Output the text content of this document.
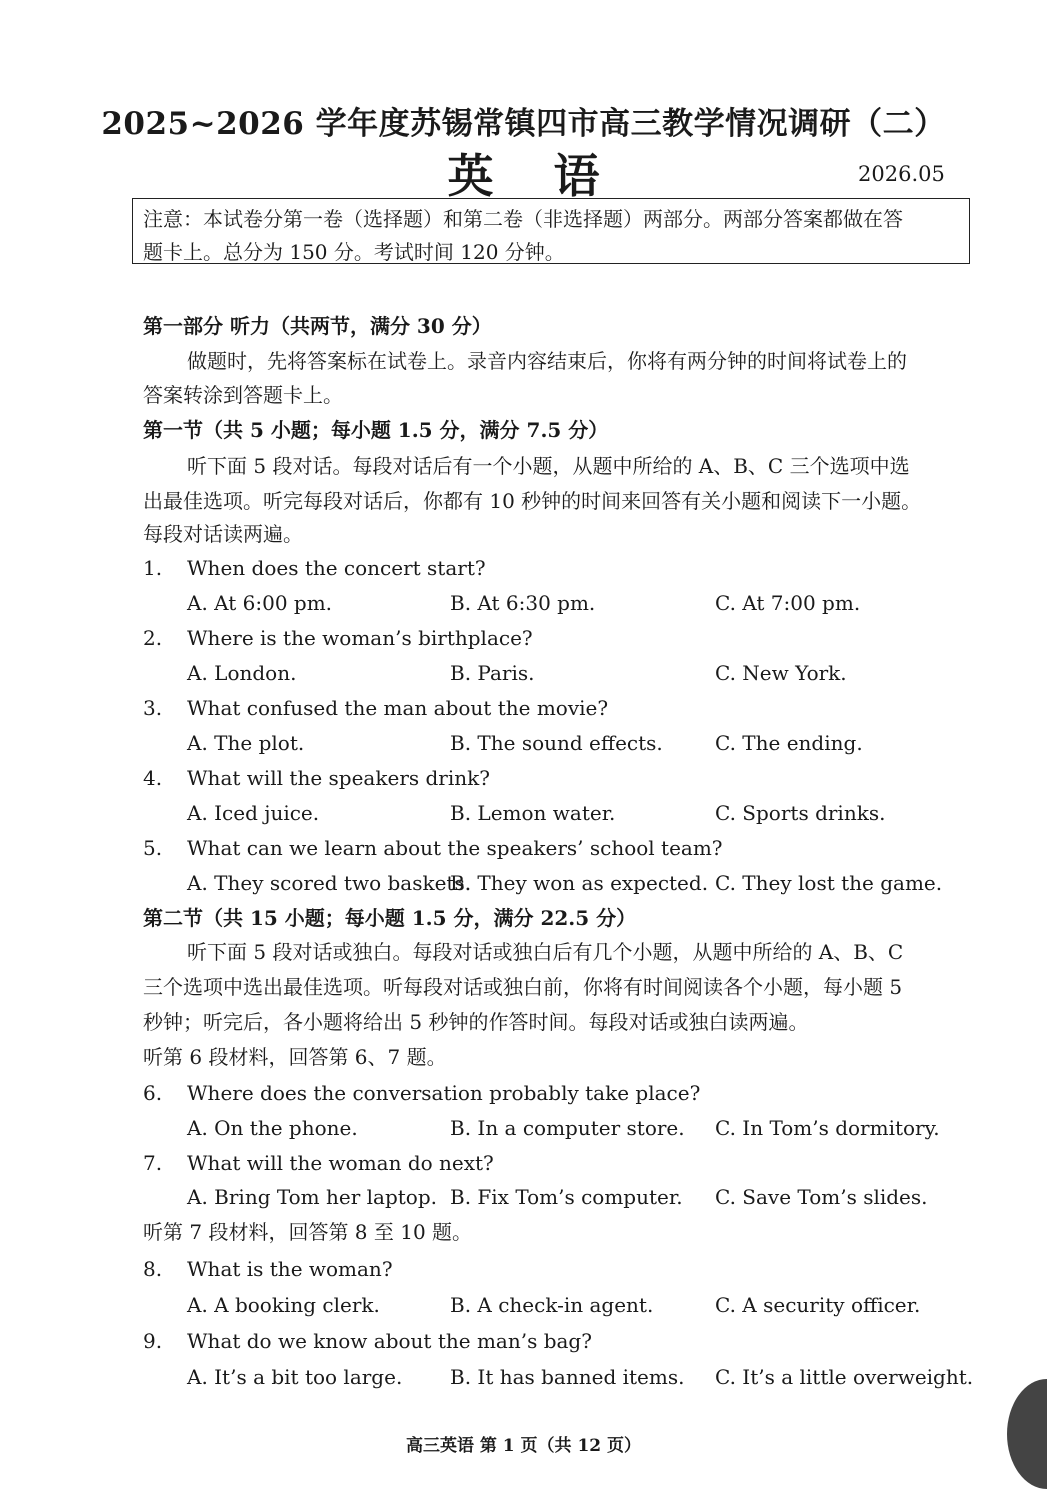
2025~2026 学年度苏锡常镇四市高三教学情况调研（二）
英语	2026.05

注意：本试卷分第一卷（选择题）和第二卷（非选择题）两部分。两部分答案都做在答

题卡上。总分为 150 分。考试时间 120 分钟。

第一部分 听力（共两节，满分 30 分）
做题时，先将答案标在试卷上。录音内容结束后，你将有两分钟的时间将试卷上的
答案转涂到答题卡上。
第一节（共 5 小题；每小题 1.5 分，满分 7.5 分）
听下面 5 段对话。每段对话后有一个小题，从题中所给的 A、B、C 三个选项中选
出最佳选项。听完每段对话后，你都有 10 秒钟的时间来回答有关小题和阅读下一小题。
每段对话读两遍。
1. When does the concert start?
A. At 6:00 pm.	B. At 6:30 pm.	C. At 7:00 pm.
2. Where is the woman’s birthplace?
A. London.	B. Paris.	C. New York.
3. What confused the man about the movie?
A. The plot.	B. The sound effects.	C. The ending.
4. What will the speakers drink?
A. Iced juice.	B. Lemon water.	C. Sports drinks.
5. What can we learn about the speakers’ school team?
A. They scored two baskets.
B. They won as expected. C. They lost the game.
第二节（共 15 小题；每小题 1.5 分，满分 22.5 分）
听下面 5 段对话或独白。每段对话或独白后有几个小题，从题中所给的 A、B、C
三个选项中选出最佳选项。听每段对话或独白前，你将有时间阅读各个小题，每小题 5
秒钟；听完后，各小题将给出 5 秒钟的作答时间。每段对话或独白读两遍。
听第 6 段材料，回答第 6、7 题。
6. Where does the conversation probably take place?
A. On the phone.	B. In a computer store. C. In Tom’s dormitory.
7. What will the woman do next?
A. Bring Tom her laptop. B. Fix Tom’s computer. C. Save Tom’s slides.
听第 7 段材料，回答第 8 至 10 题。
8. What is the woman?
A. A booking clerk.	B. A check-in agent.	C. A security officer.
9. What do we know about the man’s bag?
A. It’s a bit too large. B. It has banned items. C. It’s a little overweight.
高三英语 第 1 页（共 12 页）
